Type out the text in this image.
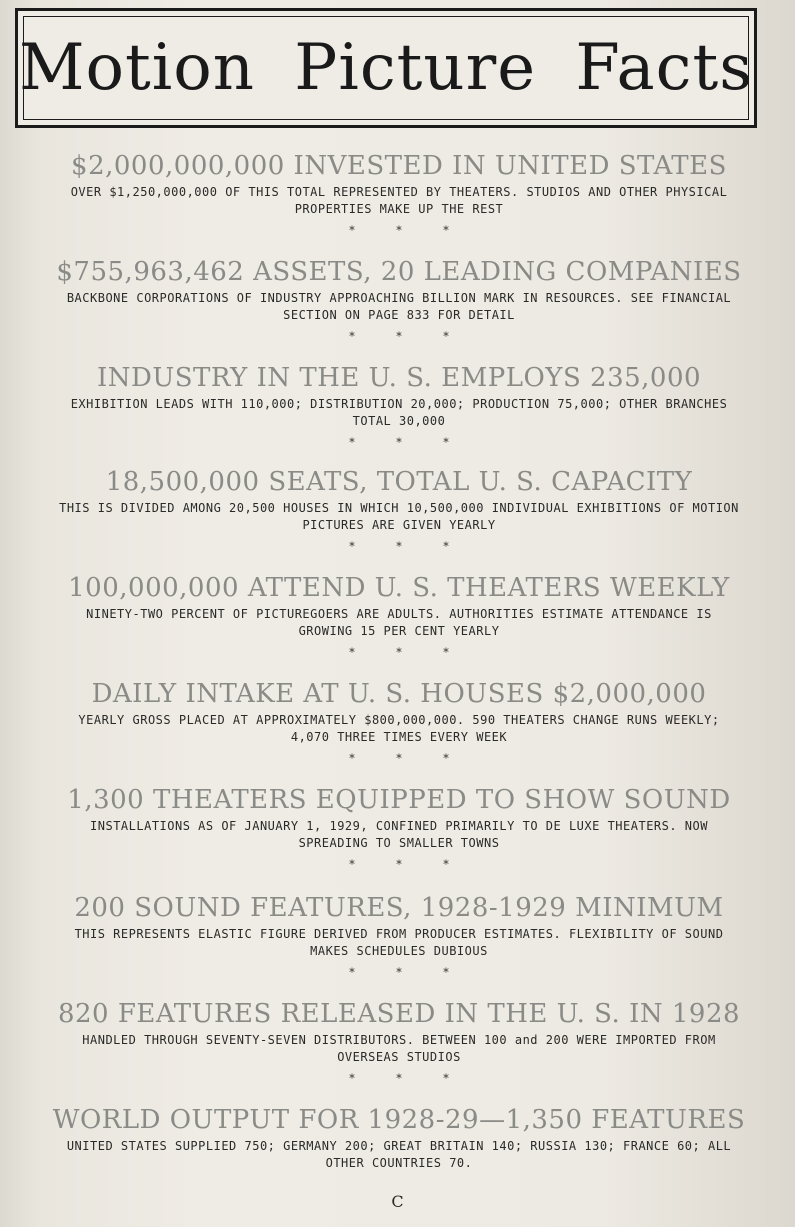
Motion Picture Facts
$2,000,000,000 INVESTED IN UNITED STATES
OVER $1,250,000,000 OF THIS TOTAL REPRESENTED BY THEATERS. STUDIOS AND OTHER PHYSICAL PROPERTIES MAKE UP THE REST
* * *
$755,963,462 ASSETS, 20 LEADING COMPANIES
BACKBONE CORPORATIONS OF INDUSTRY APPROACHING BILLION MARK IN RESOURCES. SEE FINANCIAL SECTION ON PAGE 833 FOR DETAIL
* * *
INDUSTRY IN THE U. S. EMPLOYS 235,000
EXHIBITION LEADS WITH 110,000; DISTRIBUTION 20,000; PRODUCTION 75,000; OTHER BRANCHES TOTAL 30,000
* * *
18,500,000 SEATS, TOTAL U. S. CAPACITY
THIS IS DIVIDED AMONG 20,500 HOUSES IN WHICH 10,500,000 INDIVIDUAL EXHIBITIONS OF MOTION PICTURES ARE GIVEN YEARLY
* * *
100,000,000 ATTEND U. S. THEATERS WEEKLY
NINETY-TWO PERCENT OF PICTUREGOERS ARE ADULTS. AUTHORITIES ESTIMATE ATTENDANCE IS GROWING 15 PER CENT YEARLY
* * *
DAILY INTAKE AT U. S. HOUSES $2,000,000
YEARLY GROSS PLACED AT APPROXIMATELY $800,000,000. 590 THEATERS CHANGE RUNS WEEKLY; 4,070 THREE TIMES EVERY WEEK
* * *
1,300 THEATERS EQUIPPED TO SHOW SOUND
INSTALLATIONS AS OF JANUARY 1, 1929, CONFINED PRIMARILY TO DE LUXE THEATERS. NOW SPREADING TO SMALLER TOWNS
* * *
200 SOUND FEATURES, 1928-1929 MINIMUM
THIS REPRESENTS ELASTIC FIGURE DERIVED FROM PRODUCER ESTIMATES. FLEXIBILITY OF SOUND MAKES SCHEDULES DUBIOUS
* * *
820 FEATURES RELEASED IN THE U. S. IN 1928
HANDLED THROUGH SEVENTY-SEVEN DISTRIBUTORS. BETWEEN 100 and 200 WERE IMPORTED FROM OVERSEAS STUDIOS
* * *
WORLD OUTPUT FOR 1928-29—1,350 FEATURES
UNITED STATES SUPPLIED 750; GERMANY 200; GREAT BRITAIN 140; RUSSIA 130; FRANCE 60; ALL OTHER COUNTRIES 70.
C
